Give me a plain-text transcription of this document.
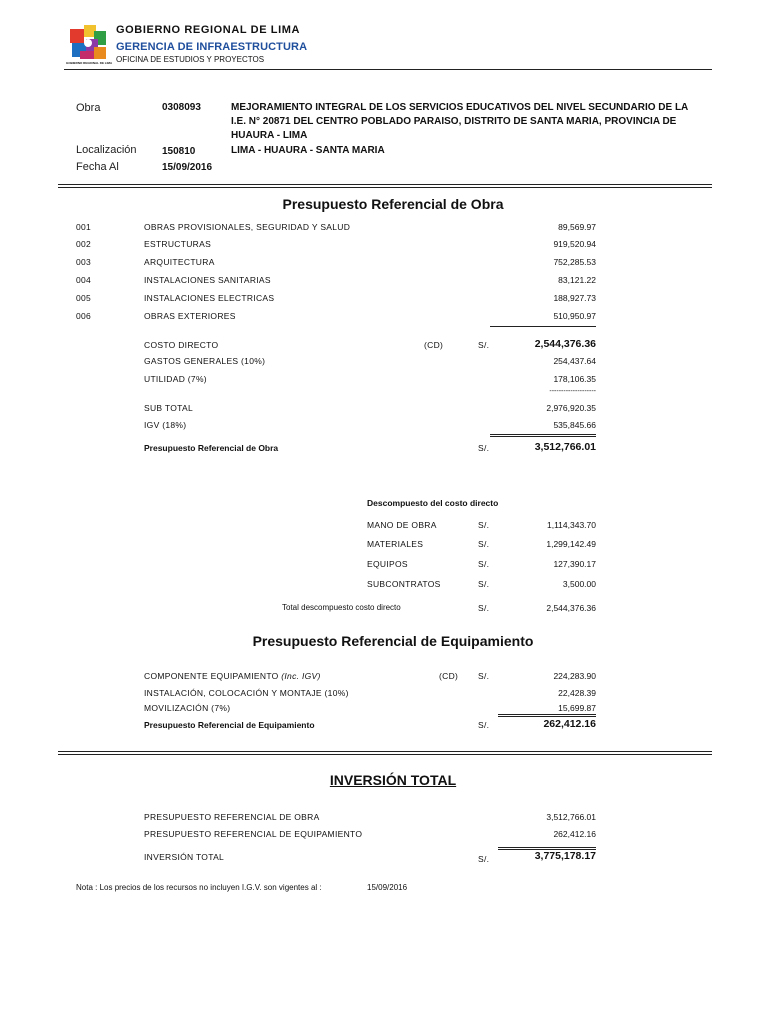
GOBIERNO REGIONAL DE LIMA
GOBIERNO REGIONAL DE LIMA
GERENCIA DE INFRAESTRUCTURA
OFICINA DE ESTUDIOS Y PROYECTOS
Obra	0308093	MEJORAMIENTO INTEGRAL DE LOS SERVICIOS EDUCATIVOS DEL NIVEL SECUNDARIO DE LA I.E. N° 20871 DEL CENTRO POBLADO PARAISO, DISTRITO DE SANTA MARIA, PROVINCIA DE HUAURA - LIMA
Localización	150810	LIMA - HUAURA - SANTA MARIA
Fecha Al	15/09/2016
Presupuesto Referencial de Obra
001	OBRAS PROVISIONALES, SEGURIDAD Y SALUD	89,569.97
002	ESTRUCTURAS	919,520.94
003	ARQUITECTURA	752,285.53
004	INSTALACIONES SANITARIAS	83,121.22
005	INSTALACIONES ELECTRICAS	188,927.73
006	OBRAS EXTERIORES	510,950.97
COSTO DIRECTO	(CD)	S/.	2,544,376.36
GASTOS GENERALES (10%)	254,437.64
UTILIDAD (7%)	178,106.35
--------------------
SUB TOTAL	2,976,920.35
IGV (18%)	535,845.66
Presupuesto Referencial de Obra	S/.	3,512,766.01
Descompuesto del costo directo
MANO DE OBRA	S/.	1,114,343.70
MATERIALES	S/.	1,299,142.49
EQUIPOS	S/.	127,390.17
SUBCONTRATOS	S/.	3,500.00
Total descompuesto costo directo	S/.	2,544,376.36
Presupuesto Referencial de Equipamiento
COMPONENTE EQUIPAMIENTO (Inc. IGV)	(CD) S/.	224,283.90
INSTALACIÓN, COLOCACIÓN Y MONTAJE (10%)	22,428.39
MOVILIZACIÓN (7%)	15,699.87
Presupuesto Referencial de Equipamiento	S/.	262,412.16
INVERSIÓN TOTAL
PRESUPUESTO REFERENCIAL DE OBRA	3,512,766.01
PRESUPUESTO REFERENCIAL DE EQUIPAMIENTO	262,412.16
INVERSIÓN TOTAL	S/.	3,775,178.17
Nota : Los precios de los recursos no incluyen I.G.V. son vigentes al :	15/09/2016
